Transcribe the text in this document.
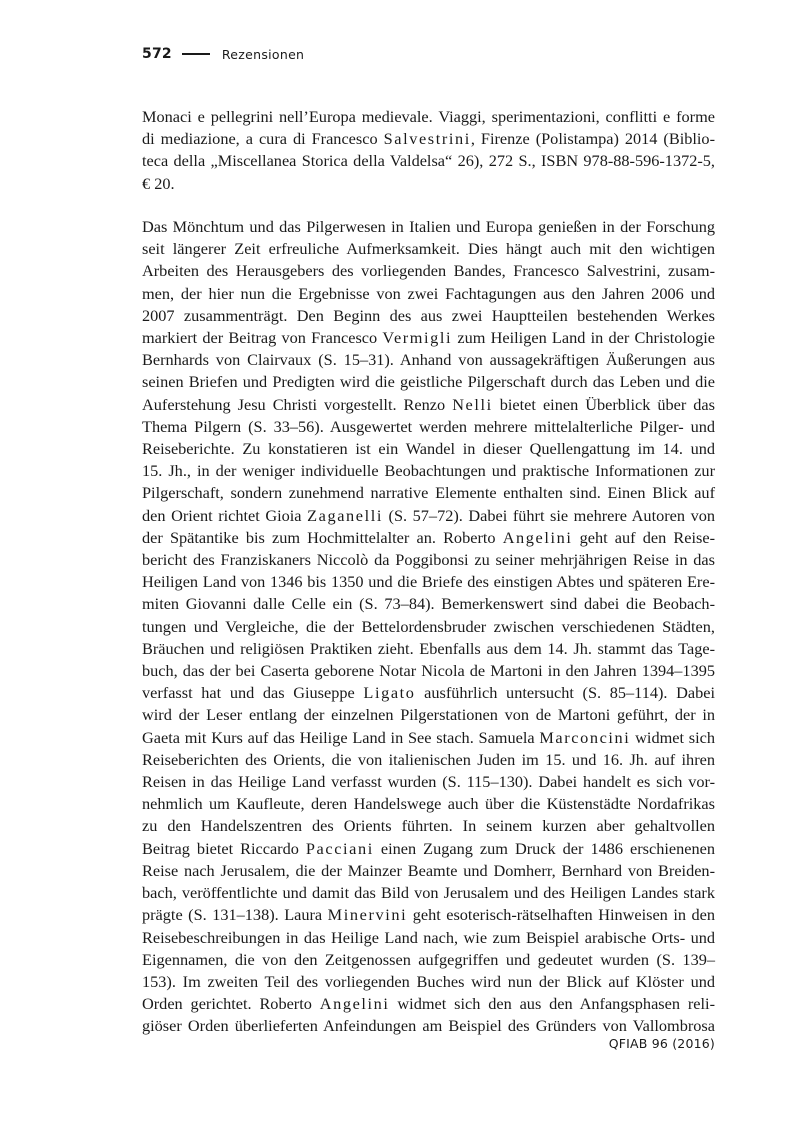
572	Rezensionen
Monaci e pellegrini nell’Europa medievale. Viaggi, sperimentazioni, conflitti e forme
di mediazione, a cura di Francesco Salvestrini, Firenze (Polistampa) 2014 (Biblio-
teca della „Miscellanea Storica della Valdelsa“ 26), 272 S., ISBN 978-88-596-1372-5,
€ 20.
Das Mönchtum und das Pilgerwesen in Italien und Europa genießen in der Forschung
seit längerer Zeit erfreuliche Aufmerksamkeit. Dies hängt auch mit den wichtigen
Arbeiten des Herausgebers des vorliegenden Bandes, Francesco Salvestrini, zusam-
men, der hier nun die Ergebnisse von zwei Fachtagungen aus den Jahren 2006 und
2007 zusammenträgt. Den Beginn des aus zwei Hauptteilen bestehenden Werkes
markiert der Beitrag von Francesco Vermigli zum Heiligen Land in der Christologie
Bernhards von Clairvaux (S. 15–31). Anhand von aussagekräftigen Äußerungen aus
seinen Briefen und Predigten wird die geistliche Pilgerschaft durch das Leben und die
Auferstehung Jesu Christi vorgestellt. Renzo Nelli bietet einen Überblick über das
Thema Pilgern (S. 33–56). Ausgewertet werden mehrere mittelalterliche Pilger- und
Reiseberichte. Zu konstatieren ist ein Wandel in dieser Quellengattung im 14. und
15. Jh., in der weniger individuelle Beobachtungen und praktische Informationen zur
Pilgerschaft, sondern zunehmend narrative Elemente enthalten sind. Einen Blick auf
den Orient richtet Gioia Zaganelli (S. 57–72). Dabei führt sie mehrere Autoren von
der Spätantike bis zum Hochmittelalter an. Roberto Angelini geht auf den Reise-
bericht des Franziskaners Niccolò da Poggibonsi zu seiner mehrjährigen Reise in das
Heiligen Land von 1346 bis 1350 und die Briefe des einstigen Abtes und späteren Ere-
miten Giovanni dalle Celle ein (S. 73–84). Bemerkenswert sind dabei die Beobach-
tungen und Vergleiche, die der Bettelordensbruder zwischen verschiedenen Städten,
Bräuchen und religiösen Praktiken zieht. Ebenfalls aus dem 14. Jh. stammt das Tage-
buch, das der bei Caserta geborene Notar Nicola de Martoni in den Jahren 1394–1395
verfasst hat und das Giuseppe Ligato ausführlich untersucht (S. 85–114). Dabei
wird der Leser entlang der einzelnen Pilgerstationen von de Martoni geführt, der in
Gaeta mit Kurs auf das Heilige Land in See stach. Samuela Marconcini widmet sich
Reiseberichten des Orients, die von italienischen Juden im 15. und 16. Jh. auf ihren
Reisen in das Heilige Land verfasst wurden (S. 115–130). Dabei handelt es sich vor-
nehmlich um Kaufleute, deren Handelswege auch über die Küstenstädte Nordafrikas
zu den Handelszentren des Orients führten. In seinem kurzen aber gehaltvollen
Beitrag bietet Riccardo Pacciani einen Zugang zum Druck der 1486 erschienenen
Reise nach Jerusalem, die der Mainzer Beamte und Domherr, Bernhard von Breiden-
bach, veröffentlichte und damit das Bild von Jerusalem und des Heiligen Landes stark
prägte (S. 131–138). Laura Minervini geht esoterisch-rätselhaften Hinweisen in den
Reisebeschreibungen in das Heilige Land nach, wie zum Beispiel arabische Orts- und
Eigennamen, die von den Zeitgenossen aufgegriffen und gedeutet wurden (S. 139–
153). Im zweiten Teil des vorliegenden Buches wird nun der Blick auf Klöster und
Orden gerichtet. Roberto Angelini widmet sich den aus den Anfangsphasen reli-
giöser Orden überlieferten Anfeindungen am Beispiel des Gründers von Vallombrosa
QFIAB 96 (2016)
